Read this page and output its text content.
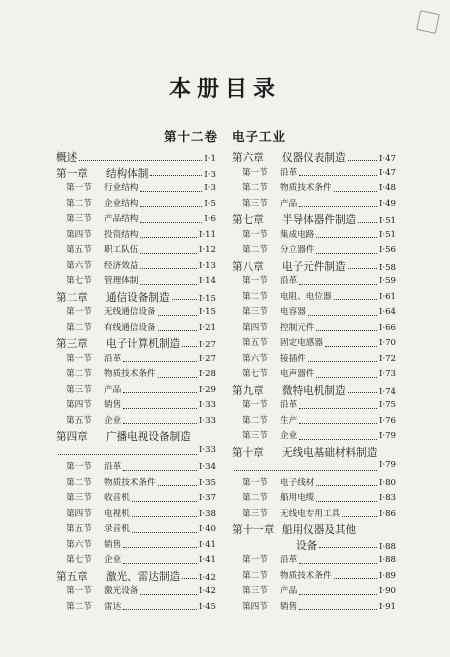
本册目录
第十二卷 电子工业
概述	Ⅰ·1
第一章	结构体制	Ⅰ·3
第一节	行业结构	Ⅰ·3
第二节	企业结构	Ⅰ·5
第三节	产品结构	Ⅰ·6
第四节	投资结构	Ⅰ·11
第五节	职工队伍	Ⅰ·12
第六节	经济效益	Ⅰ·13
第七节	管理体制	Ⅰ·14
第二章	通信设备制造	Ⅰ·15
第一节	无线通信设备	Ⅰ·15
第二节	有线通信设备	Ⅰ·21
第三章	电子计算机制造 Ⅰ·27
第一节	沿革	Ⅰ·27
第二节	物质技术条件	Ⅰ·28
第三节	产品	Ⅰ·29
第四节	销售	Ⅰ·33
第五节	企业	Ⅰ·33
第四章	广播电视设备制造
Ⅰ·33
第一节	沿革	Ⅰ·34
第二节	物质技术条件	Ⅰ·35
第三节	收音机	Ⅰ·37
第四节	电视机	Ⅰ·38
第五节	录音机	Ⅰ·40
第六节	销售	Ⅰ·41
第七节	企业	Ⅰ·41
第五章	激光、雷达制造 Ⅰ·42
第一节	激光设备	Ⅰ·42
第二节	雷达	Ⅰ·45
第六章	仪器仪表制造	Ⅰ·47
第一节	沿革	Ⅰ·47
第二节	物质技术条件	Ⅰ·48
第三节	产品	Ⅰ·49
第七章	半导体器件制造	Ⅰ·51
第一节	集成电路	Ⅰ·51
第二节	分立器件	Ⅰ·56
第八章	电子元件制造	Ⅰ·58
第一节	沿革	Ⅰ·59
第二节	电阻、电位器	Ⅰ·61
第三节	电容器	Ⅰ·64
第四节	控制元件	Ⅰ·66
第五节	固定电感器	Ⅰ·70
第六节	接插件	Ⅰ·72
第七节	电声器件	Ⅰ·73
第九章	微特电机制造	Ⅰ·74
第一节	沿革	Ⅰ·75
第二节	生产	Ⅰ·76
第三节	企业	Ⅰ·79
第十章	无线电基础材料制造
Ⅰ·79
第一节	电子线材	Ⅰ·80
第二节	船用电缆	Ⅰ·83
第三节	无线电专用工具	Ⅰ·86
第十一章 船用仪器及其他
设备	Ⅰ·88
第一节	沿革	Ⅰ·88
第二节	物质技术条件	Ⅰ·89
第三节	产品	Ⅰ·90
第四节	销售	Ⅰ·91
